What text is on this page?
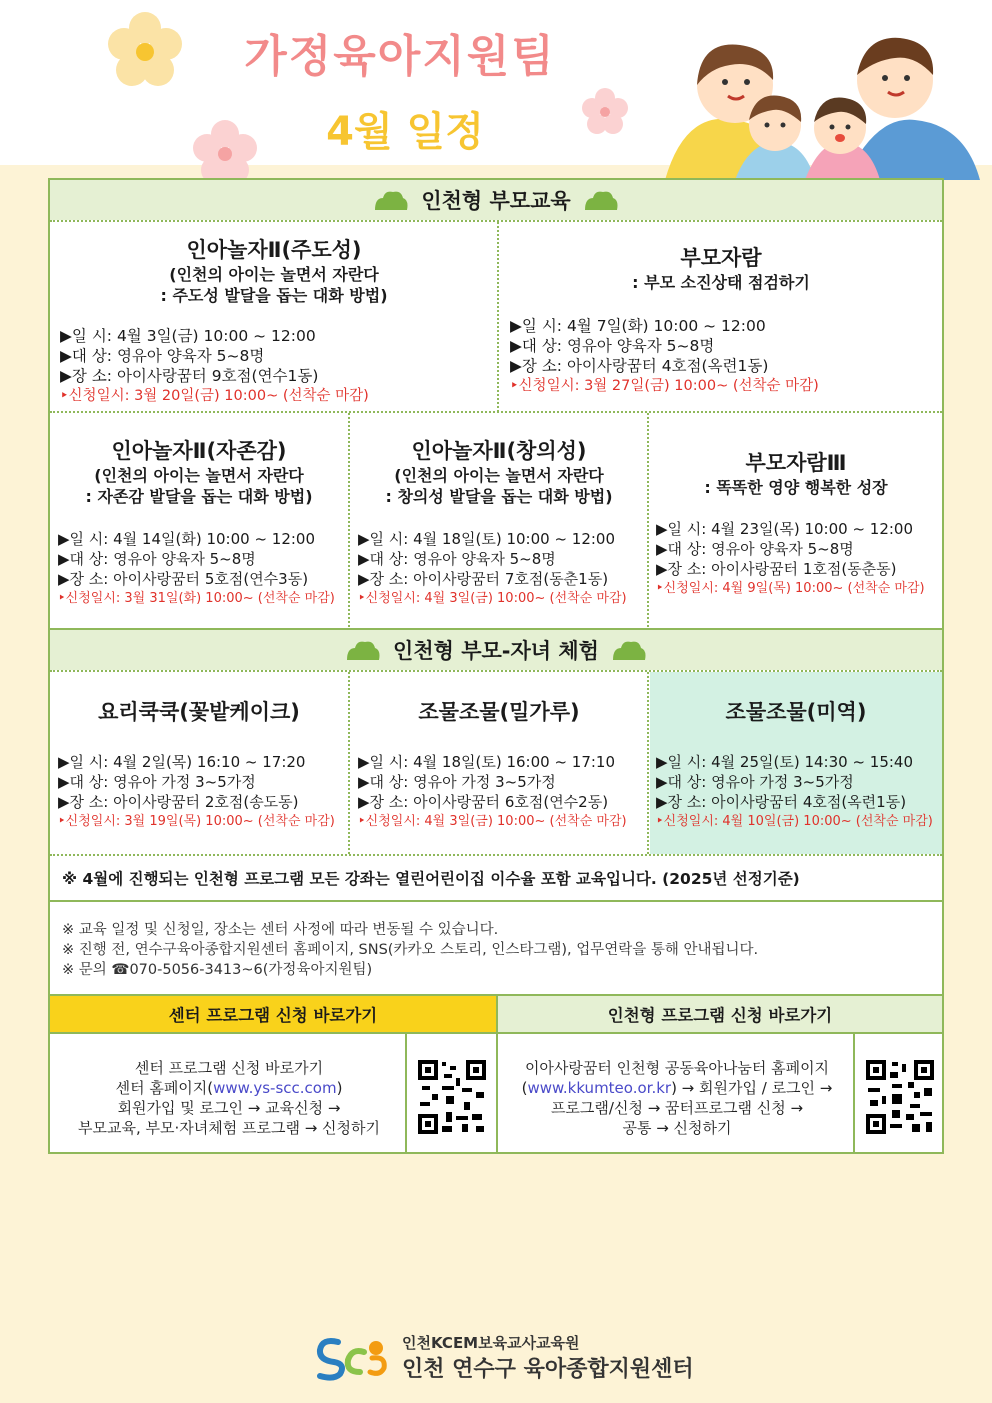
가정육아지원팀
4월 일정
인천형 부모교육

인아놀자Ⅱ(주도성)

(인천의 아이는 놀면서 자란다

: 주도성 발달을 돕는 대화 방법)

▶일 시: 4월 3일(금) 10:00 ~ 12:00
▶대 상: 영유아 양육자 5~8명
▶장 소: 아이사랑꿈터 9호점(연수1동)
‣신청일시: 3월 20일(금) 10:00~ (선착순 마감)

부모자람

: 부모 소진상태 점검하기

▶일 시: 4월 7일(화) 10:00 ~ 12:00
▶대 상: 영유아 양육자 5~8명
▶장 소: 아이사랑꿈터 4호점(옥련1동)
‣신청일시: 3월 27일(금) 10:00~ (선착순 마감)

인아놀자Ⅱ(자존감)

(인천의 아이는 놀면서 자란다

: 자존감 발달을 돕는 대화 방법)

▶일 시: 4월 14일(화) 10:00 ~ 12:00
▶대 상: 영유아 양육자 5~8명
▶장 소: 아이사랑꿈터 5호점(연수3동)
‣신청일시: 3월 31일(화) 10:00~ (선착순 마감)

인아놀자Ⅱ(창의성)

(인천의 아이는 놀면서 자란다

: 창의성 발달을 돕는 대화 방법)

▶일 시: 4월 18일(토) 10:00 ~ 12:00
▶대 상: 영유아 양육자 5~8명
▶장 소: 아이사랑꿈터 7호점(동춘1동)
‣신청일시: 4월 3일(금) 10:00~ (선착순 마감)

부모자람Ⅲ

: 똑똑한 영양 행복한 성장

▶일 시: 4월 23일(목) 10:00 ~ 12:00
▶대 상: 영유아 양육자 5~8명
▶장 소: 아이사랑꿈터 1호점(동춘동)
‣신청일시: 4월 9일(목) 10:00~ (선착순 마감)
인천형 부모-자녀 체험

요리쿡쿡(꽃밭케이크)

▶일 시: 4월 2일(목) 16:10 ~ 17:20
▶대 상: 영유아 가정 3~5가정
▶장 소: 아이사랑꿈터 2호점(송도동)
‣신청일시: 3월 19일(목) 10:00~ (선착순 마감)

조물조물(밀가루)

▶일 시: 4월 18일(토) 16:00 ~ 17:10
▶대 상: 영유아 가정 3~5가정
▶장 소: 아이사랑꿈터 6호점(연수2동)
‣신청일시: 4월 3일(금) 10:00~ (선착순 마감)

조물조물(미역)

▶일 시: 4월 25일(토) 14:30 ~ 15:40
▶대 상: 영유아 가정 3~5가정
▶장 소: 아이사랑꿈터 4호점(옥련1동)
‣신청일시: 4월 10일(금) 10:00~ (선착순 마감)
※ 4월에 진행되는 인천형 프로그램 모든 강좌는 열린어린이집 이수율 포함 교육입니다. (2025년 선정기준)
※ 교육 일정 및 신청일, 장소는 센터 사정에 따라 변동될 수 있습니다.
※ 진행 전, 연수구육아종합지원센터 홈페이지, SNS(카카오 스토리, 인스타그램), 업무연락을 통해 안내됩니다.
※ 문의 ☎070-5056-3413~6(가정육아지원팀)
센터 프로그램 신청 바로가기	인천형 프로그램 신청 바로가기
센터 프로그램 신청 바로가기
센터 홈페이지(www.ys-scc.com)
회원가입 및 로그인 → 교육신청 →
부모교육, 부모·자녀체험 프로그램 → 신청하기
이아사랑꿈터 인천형 공동육아나눔터 홈페이지
(www.kkumteo.or.kr) → 회원가입 / 로그인 →
프로그램/신청 → 꿈터프로그램 신청 →
공통 → 신청하기
인천KCEM보육교사교육원
인천 연수구 육아종합지원센터
